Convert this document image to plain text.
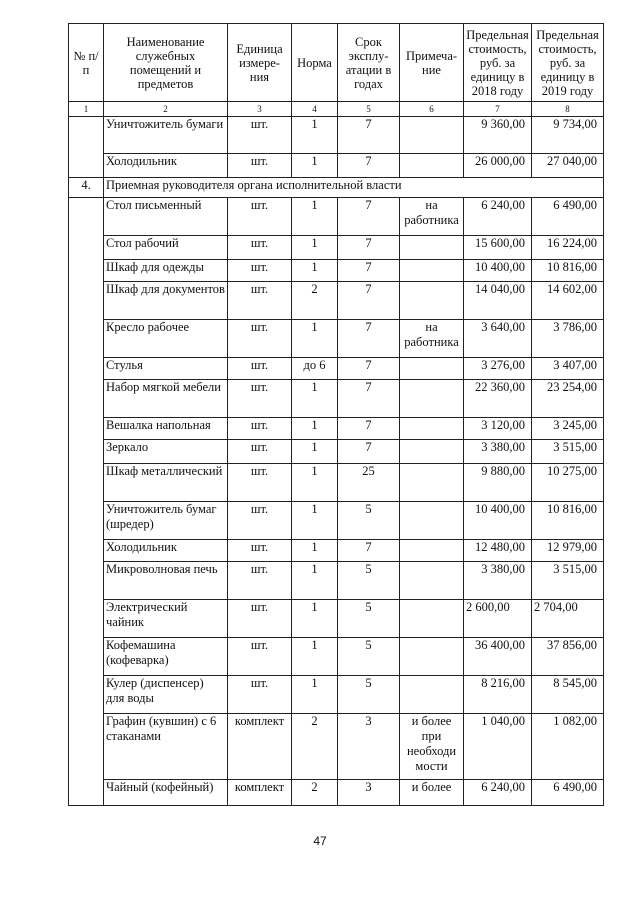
№ п/п	Наименование служебных помещений и предметов	Единица измере-ния	Норма	Срок эксплу-атации в годах	Примеча-ние	Предельная стоимость, руб. за единицу в 2018 году	Предельная стоимость, руб. за единицу в 2019 году
1	2	3	4	5	6	7	8
	Уничтожитель бумаги	шт.	1	7		9 360,00	9 734,00
	Холодильник	шт.	1	7		26 000,00	27 040,00
4.	Приемная руководителя органа исполнительной власти						
	Стол письменный	шт.	1	7	на работника	6 240,00	6 490,00
	Стол рабочий	шт.	1	7		15 600,00	16 224,00
	Шкаф для одежды	шт.	1	7		10 400,00	10 816,00
	Шкаф для документов	шт.	2	7		14 040,00	14 602,00
	Кресло рабочее	шт.	1	7	на работника	3 640,00	3 786,00
	Стулья	шт.	до 6	7		3 276,00	3 407,00
	Набор мягкой мебели	шт.	1	7		22 360,00	23 254,00
	Вешалка напольная	шт.	1	7		3 120,00	3 245,00
	Зеркало	шт.	1	7		3 380,00	3 515,00
	Шкаф металлический	шт.	1	25		9 880,00	10 275,00
	Уничтожитель бумаг (шредер)	шт.	1	5		10 400,00	10 816,00
	Холодильник	шт.	1	7		12 480,00	12 979,00
	Микроволновая печь	шт.	1	5		3 380,00	3 515,00
	Электрический чайник	шт.	1	5		2 600,00	2 704,00
	Кофемашина (кофеварка)	шт.	1	5		36 400,00	37 856,00
	Кулер (диспенсер) для воды	шт.	1	5		8 216,00	8 545,00
	Графин (кувшин) с 6 стаканами	комплект	2	3	и более при необходи мости	1 040,00	1 082,00
	Чайный (кофейный)	комплект	2	3	и более	6 240,00	6 490,00
47
